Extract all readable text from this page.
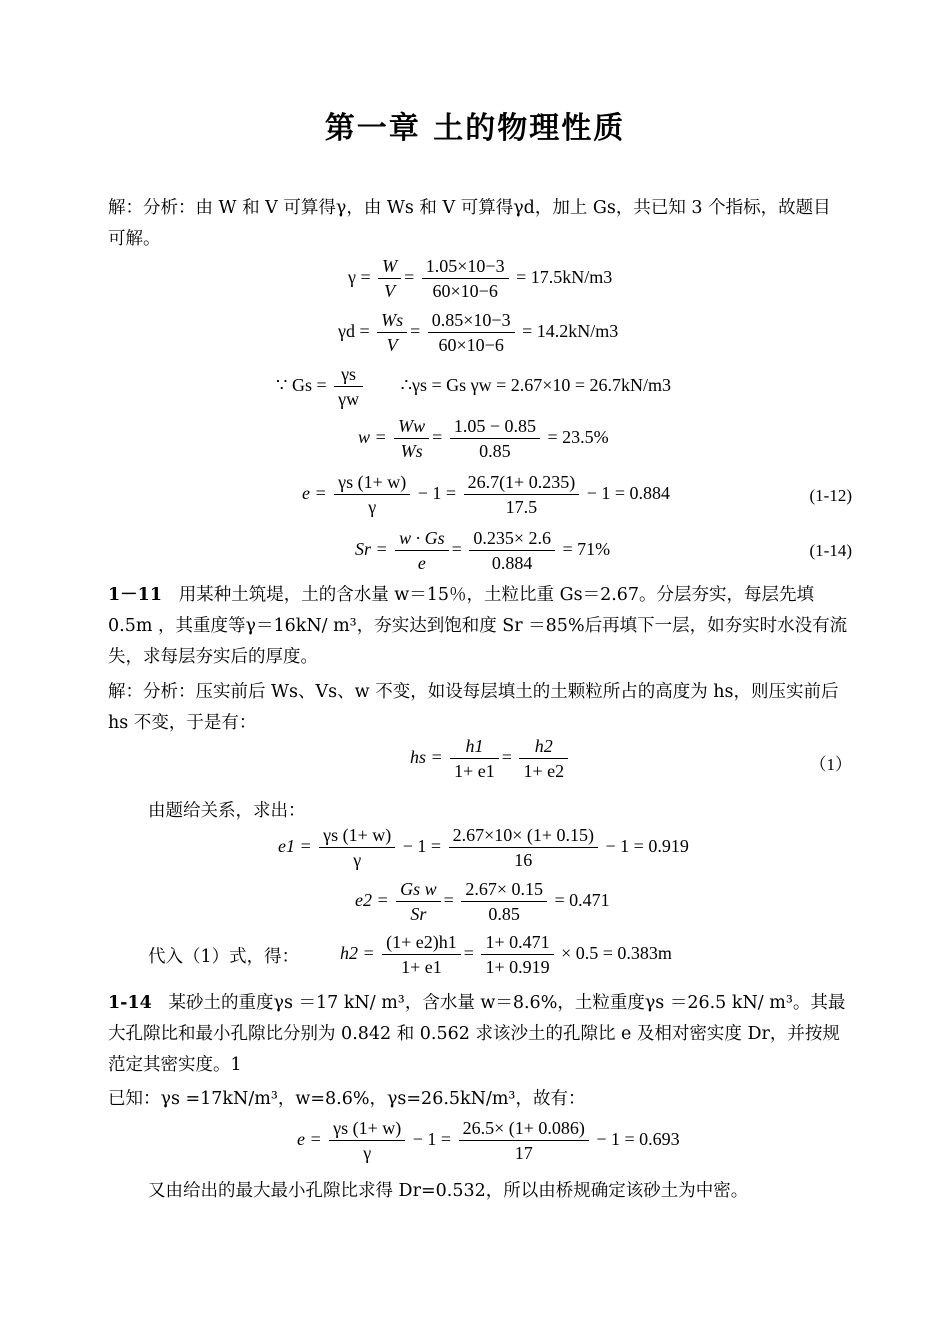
第一章 土的物理性质
解：分析：由 W 和 V 可算得γ，由 Ws 和 V 可算得γd，加上 Gs，共已知 3 个指标，故题目
可解。
$\gamma = \frac{W}{V} = \frac{1.05\times 10-3}{60\times 10-6} = 17.5kN/m3$
$\gamma d = \frac{Ws}{V} = \frac{0.85\times 10-3}{60\times 10-6} = 14.2kN/m3$
∵ $Gs = \frac{\gamma s}{\gamma w}$ ∴γs = Gs γw = 2.67×10 = 26.7kN/m3
$w = \frac{Ww}{Ws} = \frac{1.05 - 0.85}{0.85} = 23.5\%$
$e = \frac{\gamma s (1+ w)}{\gamma} - 1 = \frac{26.7(1+ 0.235)}{17.5} - 1 = 0.884$	(1-12)
$Sr = \frac{w \cdot Gs}{e} = \frac{0.235\times 2.6}{0.884} = 71\%$	(1-14)
1－11 用某种土筑堤，土的含水量 w＝15％，土粒比重 Gs＝2.67。分层夯实，每层先填 0.5m ，其重度等γ＝16kN/ m³，夯实达到饱和度 Sr ＝85%后再填下一层，如夯实时水没有流失，求每层夯实后的厚度。
解：分析：压实前后 Ws、Vs、w 不变，如设每层填土的土颗粒所占的高度为 hs，则压实前后 hs 不变，于是有：
hs = $\frac{h1}{1+ e1} = \frac{h2}{1+ e2}$	（1）
由题给关系，求出：
$e1 = \frac{\gamma s (1+ w)}{\gamma} - 1 = \frac{2.67\times 10\times (1+ 0.15)}{16} - 1 = 0.919$
$e2 = \frac{\text{Gs w}}{Sr} = \frac{2.67\times 0.15}{0.85} = 0.471$
代入（1）式，得：	$h2 = \frac{(1+ e2)h1}{1+ e1} = \frac{1+ 0.471}{1+ 0.919} \times 0.5 = 0.383m$
1-14 某砂土的重度γs ＝17 kN/ m³，含水量 w＝8.6%，土粒重度γs ＝26.5 kN/ m³。其最大孔隙比和最小孔隙比分别为 0.842 和 0.562 求该沙土的孔隙比 e 及相对密实度 Dr，并按规范定其密实度。1
已知：γs =17kN/m³，w=8.6%，γs=26.5kN/m³，故有：
$e = \frac{\gamma s (1+ w)}{\gamma} - 1 = \frac{26.5\times (1+ 0.086)}{17} - 1 = 0.693$
又由给出的最大最小孔隙比求得 Dr=0.532，所以由桥规确定该砂土为中密。
